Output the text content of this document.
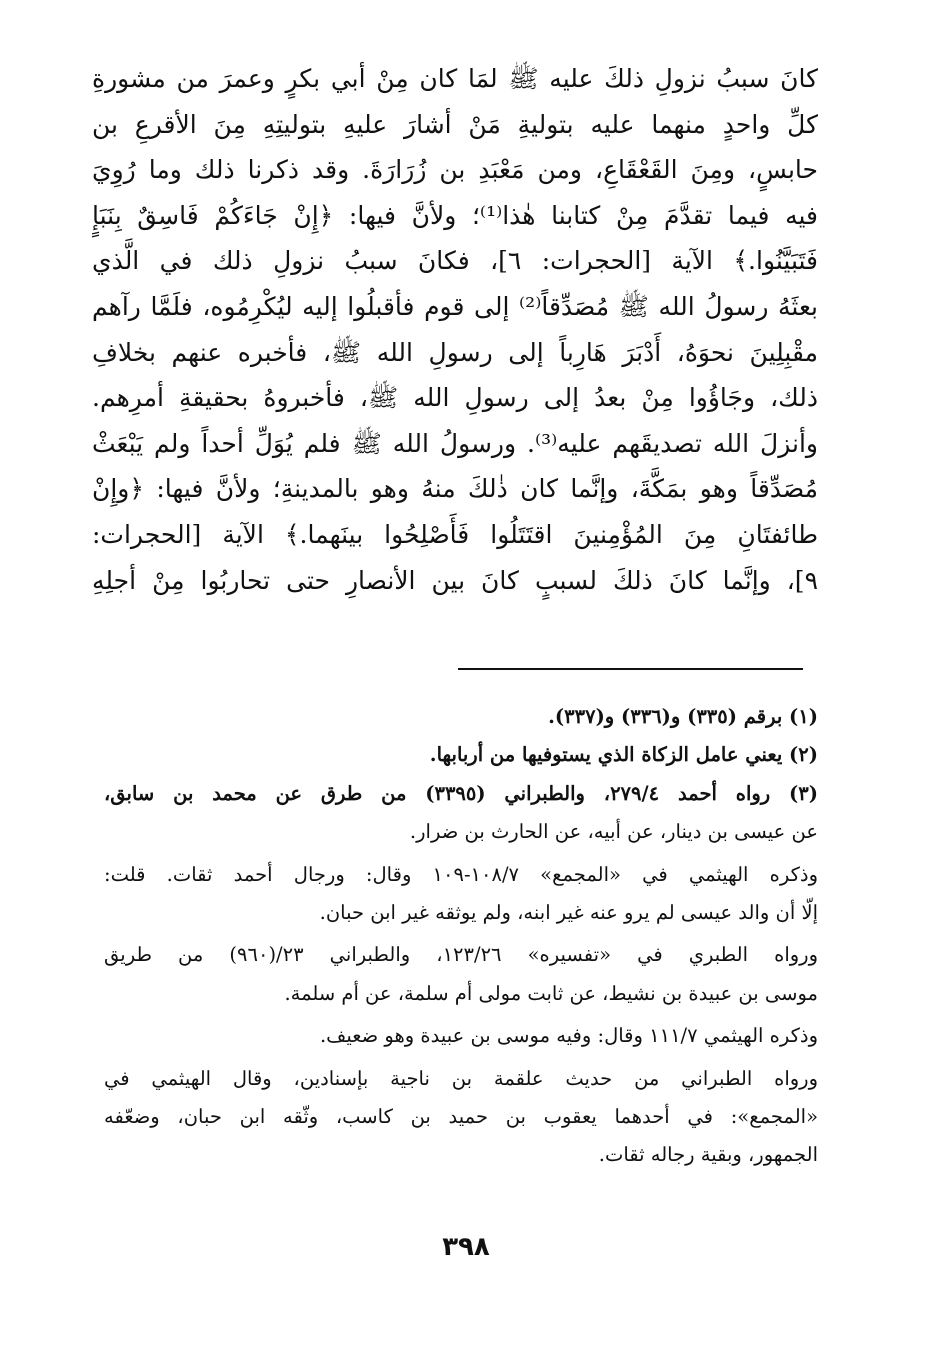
كانَ سببُ نزولِ ذلكَ عليه ﷺ لمَا كان مِنْ أبي بكرٍ وعمرَ من مشورةِ
كلِّ واحدٍ منهما عليه بتوليةِ مَنْ أشارَ عليهِ بتوليتِهِ مِنَ الأقرعِ بن
حابسٍ، ومِنَ القَعْقَاعِ، ومن مَعْبَدِ بن زُرَارَةَ. وقد ذكرنا ذلك وما رُوِيَ
فيه فيما تقدَّمَ مِنْ كتابنا هٰذا⁽¹⁾؛ ولأنَّ فيها: ﴿إِنْ جَاءَكُمْ فَاسِقٌ بِنَبَإٍ
فَتَبَيَّنُوا.﴾ الآية [الحجرات: ٦]، فكانَ سببُ نزولِ ذلك في الَّذي
بعثَهُ رسولُ الله ﷺ مُصَدِّقاً⁽²⁾ إلى قوم فأقبلُوا إليه ليُكْرِمُوه، فلَمَّا رآهم
مقْبِلِينَ نحوَهُ، أَدْبَرَ هَارِباً إلى رسولِ الله ﷺ، فأخبره عنهم بخلافِ
ذلك، وجَاؤُوا مِنْ بعدُ إلى رسولِ الله ﷺ، فأخبروهُ بحقيقةِ أمرِهم.
وأنزلَ الله تصديقَهم عليه⁽³⁾. ورسولُ الله ﷺ فلم يُوَلِّ أحداً ولم يَبْعَثْ
مُصَدِّقاً وهو بمَكَّةَ، وإنَّما كان ذٰلكَ منهُ وهو بالمدينةِ؛ ولأنَّ فيها: ﴿وإِنْ
طائفتَانِ مِنَ المُؤْمِنينَ اقتَتَلُوا فَأَصْلِحُوا بينَهما.﴾ الآية [الحجرات:
٩]، وإنَّما كانَ ذلكَ لسببٍ كانَ بين الأنصارِ حتى تحاربُوا مِنْ أجلِهِ
(١) برقم (٣٣٥) و(٣٣٦) و(٣٣٧).
(٢) يعني عامل الزكاة الذي يستوفيها من أربابها.
(٣) رواه أحمد ٢٧٩/٤، والطبراني (٣٣٩٥) من طرق عن محمد بن سابق،
عن عيسى بن دينار، عن أبيه، عن الحارث بن ضرار.
وذكره الهيثمي في «المجمع» ١٠٨/٧-١٠٩ وقال: ورجال أحمد ثقات. قلت:
إلّا أن والد عيسى لم يرو عنه غير ابنه، ولم يوثقه غير ابن حبان.
ورواه الطبري في «تفسيره» ١٢٣/٢٦، والطبراني ٢٣/(٩٦٠) من طريق
موسى بن عبيدة بن نشيط، عن ثابت مولى أم سلمة، عن أم سلمة.
وذكره الهيثمي ١١١/٧ وقال: وفيه موسى بن عبيدة وهو ضعيف.
ورواه الطبراني من حديث علقمة بن ناجية بإسنادين، وقال الهيثمي في
«المجمع»: في أحدهما يعقوب بن حميد بن كاسب، وثّقه ابن حبان، وضعّفه
الجمهور، وبقية رجاله ثقات.
٣٩٨
